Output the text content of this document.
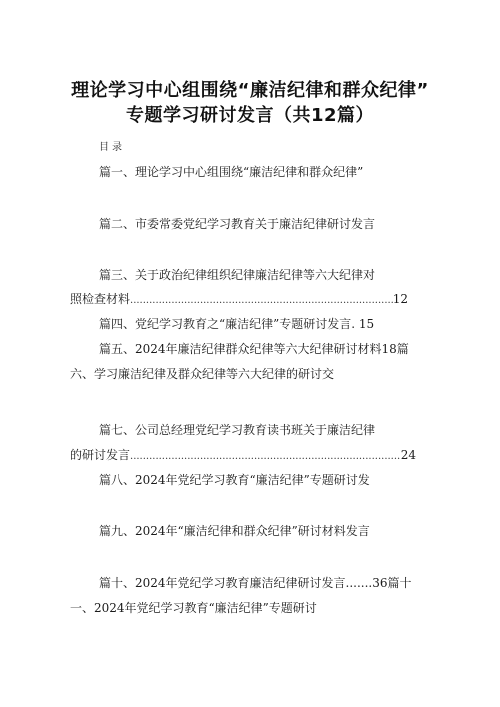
理论学习中心组围绕“廉洁纪律和群众纪律”
专题学习研讨发言（共12篇）
目录
篇一、理论学习中心组围绕“廉洁纪律和群众纪律”
篇二、市委常委党纪学习教育关于廉洁纪律研讨发言
篇三、关于政治纪律组织纪律廉洁纪律等六大纪律对
照检查材料 .....	12
篇四、党纪学习教育之“廉洁纪律”专题研讨发言. 15
篇五、2024年廉洁纪律群众纪律等六大纪律研讨材料18篇
六、学习廉洁纪律及群众纪律等六大纪律的研讨交
篇七、公司总经理党纪学习教育读书班关于廉洁纪律
的研讨发言 .....	24
篇八、2024年党纪学习教育“廉洁纪律”专题研讨发
篇九、2024年“廉洁纪律和群众纪律”研讨材料发言
篇十、2024年党纪学习教育廉洁纪律研讨发言.......36篇十
一、2024年党纪学习教育“廉洁纪律”专题研讨
